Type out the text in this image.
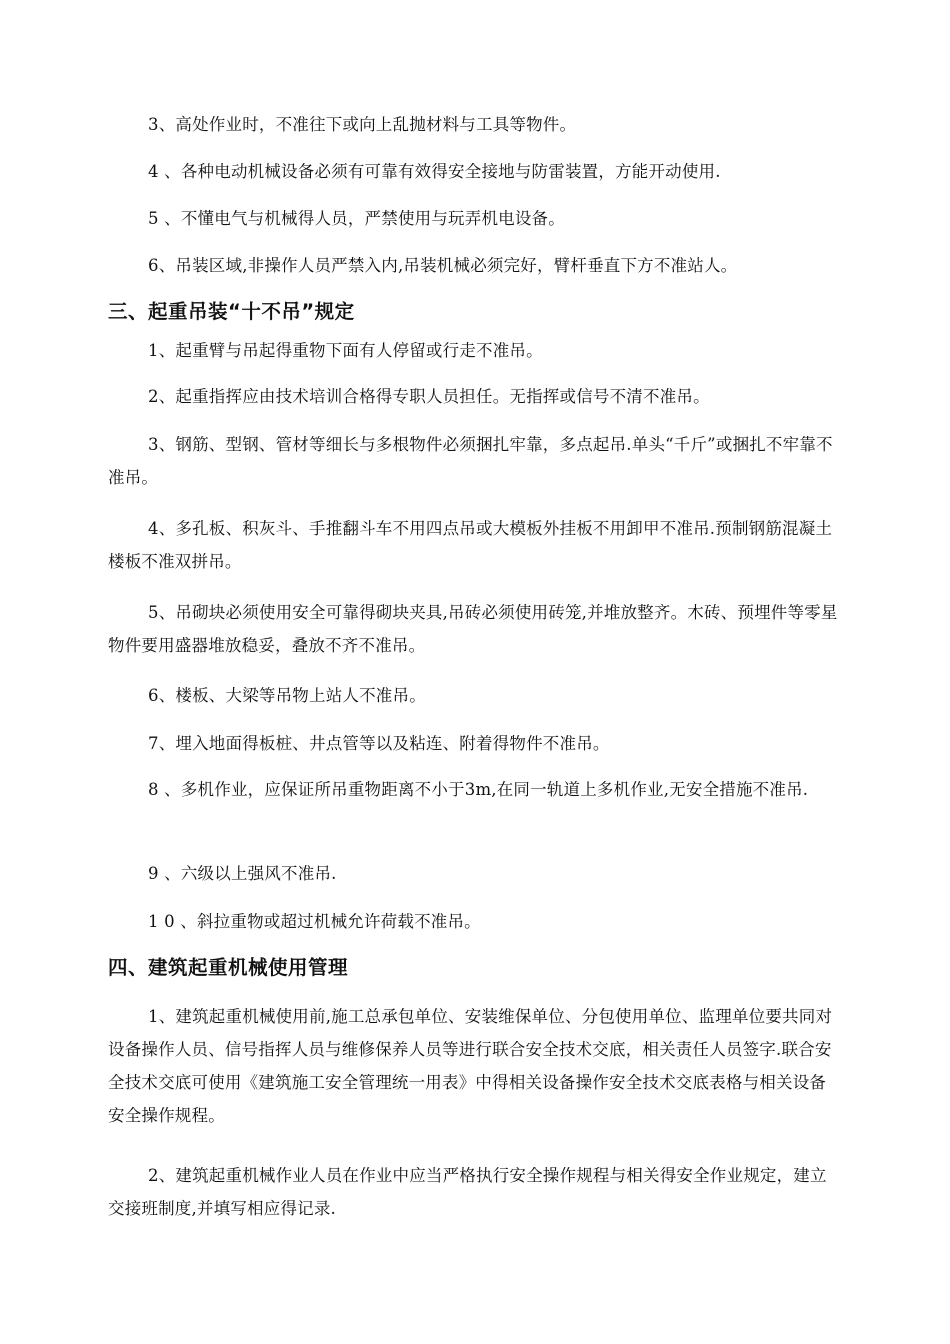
3、高处作业时，不准往下或向上乱抛材料与工具等物件。

4 、各种电动机械设备必须有可靠有效得安全接地与防雷装置，方能开动使用.

5 、不懂电气与机械得人员，严禁使用与玩弄机电设备。

6、吊装区域,非操作人员严禁入内,吊装机械必须完好，臂杆垂直下方不准站人。

三、起重吊装“十不吊”规定

1、起重臂与吊起得重物下面有人停留或行走不准吊。

2、起重指挥应由技术培训合格得专职人员担任。无指挥或信号不清不准吊。

3、钢筋、型钢、管材等细长与多根物件必须捆扎牢靠，多点起吊.单头“千斤”或捆扎不牢靠不准吊。

4、多孔板、积灰斗、手推翻斗车不用四点吊或大模板外挂板不用卸甲不准吊.预制钢筋混凝土楼板不准双拼吊。

5、吊砌块必须使用安全可靠得砌块夹具,吊砖必须使用砖笼,并堆放整齐。木砖、预埋件等零星物件要用盛器堆放稳妥，叠放不齐不准吊。

6、楼板、大梁等吊物上站人不准吊。

7、埋入地面得板桩、井点管等以及粘连、附着得物件不准吊。

8 、多机作业，应保证所吊重物距离不小于3m,在同一轨道上多机作业,无安全措施不准吊.

9 、六级以上强风不准吊.

1 0 、斜拉重物或超过机械允许荷载不准吊。

四、建筑起重机械使用管理

1、建筑起重机械使用前,施工总承包单位、安装维保单位、分包使用单位、监理单位要共同对设备操作人员、信号指挥人员与维修保养人员等进行联合安全技术交底，相关责任人员签字.联合安全技术交底可使用《建筑施工安全管理统一用表》中得相关设备操作安全技术交底表格与相关设备安全操作规程。

2、建筑起重机械作业人员在作业中应当严格执行安全操作规程与相关得安全作业规定，建立交接班制度,并填写相应得记录.
